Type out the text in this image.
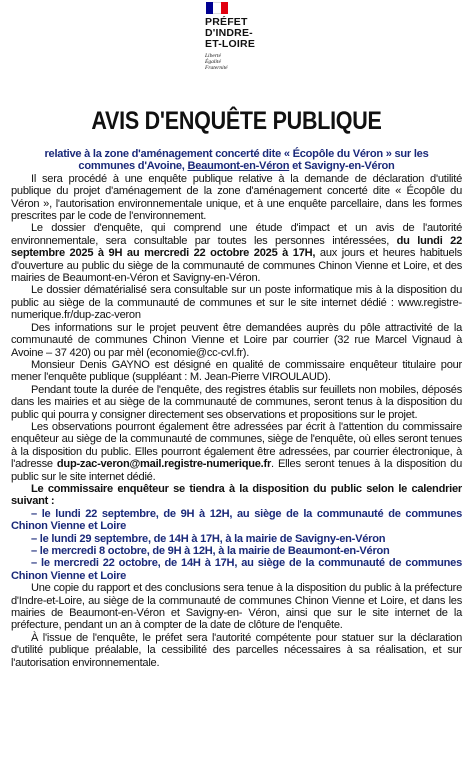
PRÉFET
D'INDRE-
ET-LOIRE
Liberté
Égalité
Fraternité
AVIS D'ENQUÊTE PUBLIQUE

relative à la zone d'aménagement concerté dite « Écopôle du Véron » sur les
communes d'Avoine, Beaumont-en-Véron et Savigny-en-Véron

Il sera procédé à une enquête publique relative à la demande de déclaration d'utilité publique du projet d'aménagement de la zone d'aménagement concerté dite « Écopôle du Véron », l'autorisation environnementale unique, et à une enquête parcellaire, dans les formes prescrites par le code de l'environnement.

Le dossier d'enquête, qui comprend une étude d'impact et un avis de l'autorité environnementale, sera consultable par toutes les personnes intéressées, du lundi 22 septembre 2025 à 9H au mercredi 22 octobre 2025 à 17H, aux jours et heures habituels d'ouverture au public du siège de la communauté de communes Chinon Vienne et Loire, et des mairies de Beaumont-en-Véron et Savigny-en-Véron.

Le dossier dématérialisé sera consultable sur un poste informatique mis à la disposition du public au siège de la communauté de communes et sur le site internet dédié : www.registre-numerique.fr/dup-zac-veron

Des informations sur le projet peuvent être demandées auprès du pôle attractivité de la communauté de communes Chinon Vienne et Loire par courrier (32 rue Marcel Vignaud à Avoine – 37 420) ou par mèl (economie@cc-cvl.fr).

Monsieur Denis GAYNO est désigné en qualité de commissaire enquêteur titulaire pour mener l'enquête publique (suppléant : M. Jean-Pierre VIROULAUD).

Pendant toute la durée de l'enquête, des registres établis sur feuillets non mobiles, déposés dans les mairies et au siège de la communauté de communes, seront tenus à la disposition du public qui pourra y consigner directement ses observations et propositions sur le projet.

Les observations pourront également être adressées par écrit à l'attention du commissaire enquêteur au siège de la communauté de communes, siège de l'enquête, où elles seront tenues à la disposition du public. Elles pourront également être adressées, par courrier électronique, à l'adresse dup-zac-veron@mail.registre-numerique.fr. Elles seront tenues à la disposition du public sur le site internet dédié.

Le commissaire enquêteur se tiendra à la disposition du public selon le calendrier suivant :

– le lundi 22 septembre, de 9H à 12H, au siège de la communauté de communes Chinon Vienne et Loire

– le lundi 29 septembre, de 14H à 17H, à la mairie de Savigny-en-Véron

– le mercredi 8 octobre, de 9H à 12H, à la mairie de Beaumont-en-Véron

– le mercredi 22 octobre, de 14H à 17H, au siège de la communauté de communes Chinon Vienne et Loire

Une copie du rapport et des conclusions sera tenue à la disposition du public à la préfecture d'Indre-et-Loire, au siège de la communauté de communes Chinon Vienne et Loire, et dans les mairies de Beaumont-en-Véron et Savigny-en- Véron, ainsi que sur le site internet de la préfecture, pendant un an à compter de la date de clôture de l'enquête.

À l'issue de l'enquête, le préfet sera l'autorité compétente pour statuer sur la déclaration d'utilité publique préalable, la cessibilité des parcelles nécessaires à sa réalisation, et sur l'autorisation environnementale.
